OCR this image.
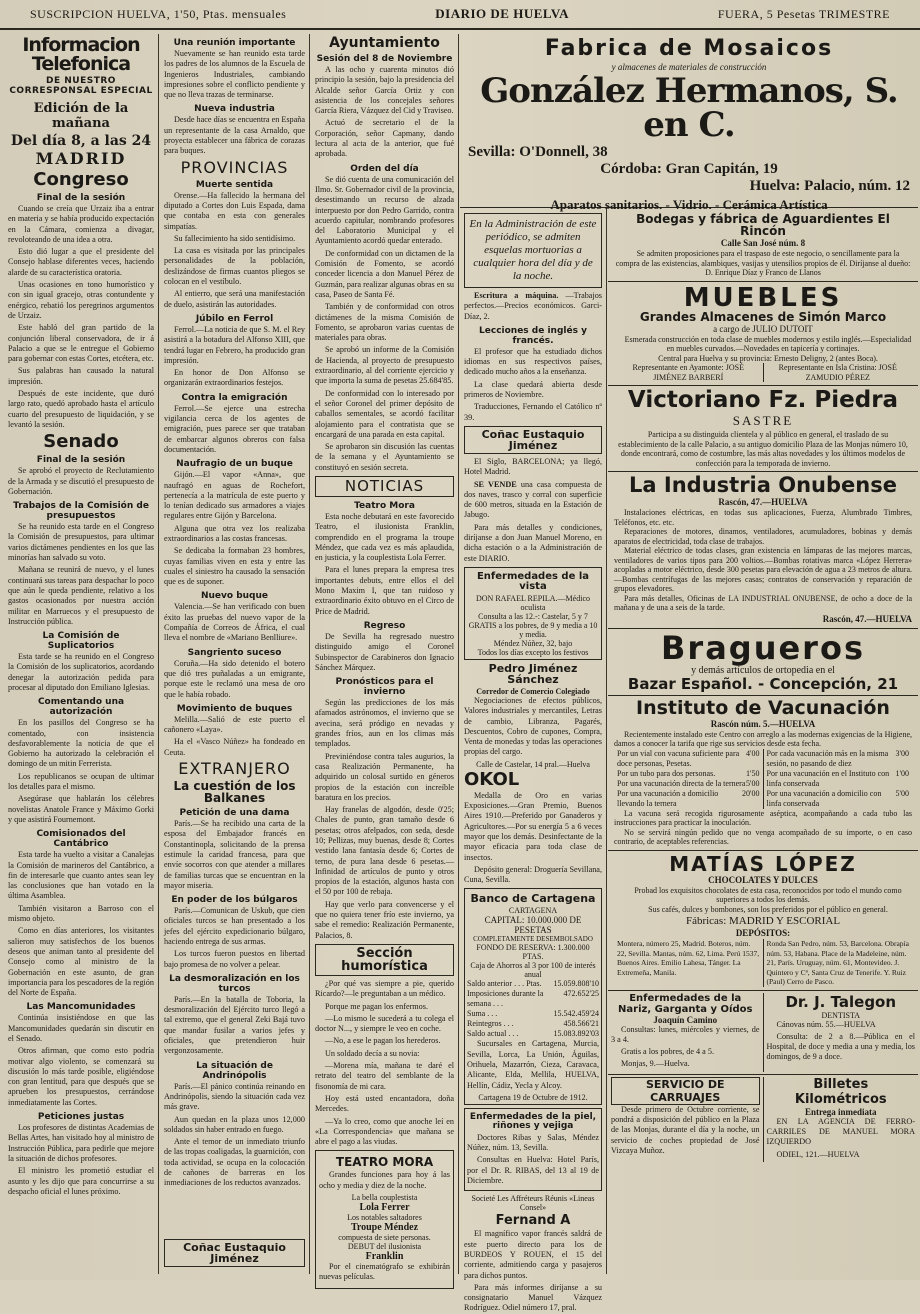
SUSCRIPCION HUELVA, 1'50, Ptas. mensuales	DIARIO DE HUELVA	FUERA, 5 Pesetas TRIMESTRE
Informacion Telefonica
DE NUESTRO CORRESPONSAL ESPECIAL
Edición de la mañana
Del día 8, a las 24
MADRID
Congreso
Final de la sesión

Cuando se creía que Urzaiz iba a entrar en materia y se había producido expectación en la Cámara, comienza a divagar, revoloteando de una idea a otra.

Esto dió lugar a que el presidente del Consejo hablase diferentes veces, haciendo alarde de su característica oratoria.

Unas ocasiones en tono humorístico y con sin igual gracejo, otras contundente y enérgico, rebatió los peregrinos argumentos de Urzaiz.

Este habló del gran partido de la conjunción liberal conservadora, de ir á Palacio a que se le entregue el Gobierno para gobernar con estas Cortes, etcétera, etc.

Sus palabras han causado la natural impresión.

Después de este incidente, que duró largo rato, quedó aprobado hasta el artículo cuarto del presupuesto de liquidación, y se levantó la sesión.

Senado
Final de la sesión

Se aprobó el proyecto de Reclutamiento de la Armada y se discutió el presupuesto de Gobernación.

Trabajos de la Comisión de presupuestos

Se ha reunido esta tarde en el Congreso la Comisión de presupuestos, para ultimar varios dictámenes pendientes en los que las minorías han salvado su voto.

Mañana se reunirá de nuevo, y el lunes continuará sus tareas para despachar lo poco que aún le queda pendiente, relativo a los gastos ocasionados por nuestra acción militar en Marruecos y el presupuesto de Instrucción pública.

La Comisión de Suplicatorios

Esta tarde se ha reunido en el Congreso la Comisión de los suplicatorios, acordando denegar la autorización pedida para procesar al diputado don Emiliano Iglesias.

Comentando una autorización

En los pasillos del Congreso se ha comentado, con insistencia desfavorablemente la noticia de que el Gobierno ha autorizado la celebración el domingo de un mitin Ferrerista.

Los republicanos se ocupan de ultimar los detalles para el mismo.

Asegúrase que hablarán los célebres novelistas Anatole France y Máximo Gorki y que asistirá Fournemont.

Comisionados del Cantábrico

Esta tarde ha vuelto a visitar a Canalejas la Comisión de marineros del Cantábrico, a fin de interesarle que cuanto antes sean ley las conclusiones que han votado en la última Asamblea.

También visitaron a Barroso con el mismo objeto.

Como en días anteriores, los visitantes salieron muy satisfechos de los buenos deseos que animan tanto al presidente del Consejo como al ministro de la Gobernación en este asunto, de gran importancia para los pescadores de la región del Norte de España.

Las Mancomunidades

Continúa insistiéndose en que las Mancomunidades quedarán sin discutir en el Senado.

Otros afirman, que como esto podría motivar algo violento, se comenzará su discusión lo más tarde posible, eligiéndose con gran lentitud, para que después que se aprueben los presupuestos, cerrándose inmediatamente las Cortes.

Peticiones justas

Los profesores de distintas Academias de Bellas Artes, han visitado hoy al ministro de Instrucción Pública, para pedirle que mejore la situación de dichos profesores.

El ministro les prometió estudiar el asunto y les dijo que para concurrirse a su despacho oficial el lunes próximo.

Una reunión importante

Nuevamente se han reunido esta tarde los padres de los alumnos de la Escuela de Ingenieros Industriales, cambiando impresiones sobre el conflicto pendiente y que no lleva trazas de terminarse.

Nueva industria

Desde hace días se encuentra en España un representante de la casa Arnaldo, que proyecta establecer una fábrica de corazas para buques.

PROVINCIAS
Muerte sentida

Orense.—Ha fallecido la hermana del diputado a Cortes don Luis Espada, dama que contaba en esta con generales simpatías.

Su fallecimiento ha sido sentidísimo.

La casa es visitada por las principales personalidades de la población, deslizándose de firmas cuantos pliegos se colocan en el vestíbulo.

Al entierro, que será una manifestación de duelo, asistirán las autoridades.

Júbilo en Ferrol

Ferrol.—La noticia de que S. M. el Rey asistirá a la botadura del Alfonso XIII, que tendrá lugar en Febrero, ha producido gran impresión.

En honor de Don Alfonso se organizarán extraordinarios festejos.

Contra la emigración

Ferrol.—Se ejerce una estrecha vigilancia cerca de los agentes de emigración, pues parece ser que trataban de embarcar algunos obreros con falsa documentación.

Naufragio de un buque

Gijón.—El vapor «Anna», que naufragó en aguas de Rochefort, pertenecía a la matrícula de este puerto y lo tenían dedicado sus armadores a viajes regulares entre Gijón y Barcelona.

Alguna que otra vez los realizaba extraordinarios a las costas francesas.

Se dedicaba la formaban 23 hombres, cuyas familias viven en esta y entre las cuales el siniestro ha causado la sensación que es de suponer.

Nuevo buque

Valencia.—Se han verificado con buen éxito las pruebas del nuevo vapor de la Compañía de Correos de África, el cual lleva el nombre de «Mariano Benlliure».

Sangriento suceso

Coruña.—Ha sido detenido el botero que dió tres puñaladas a un emigrante, porque este le reclamó una mesa de oro que le había robado.

Movimiento de buques

Melilla.—Salió de este puerto el cañonero «Laya».

Ha el «Vasco Núñez» ha fondeado en Ceuta.

EXTRANJERO
La cuestión de los Balkanes
Petición de una dama

París.—Se ha recibido una carta de la esposa del Embajador francés en Constantinopla, solicitando de la prensa estimule la caridad francesa, para que envíe socorros con que atender a millares de familias turcas que se encuentran en la mayor miseria.

En poder de los búlgaros

París.—Comunican de Uskub, que cien oficiales turcos se han presentado a los jefes del ejército expedicionario búlgaro, haciendo entrega de sus armas.

Los turcos fueron puestos en libertad bajo promesa de no volver a pelear.

La desmoralización en los turcos

París.—En la batalla de Toboria, la desmoralización del Ejército turco llegó a tal extremo, que el general Zeki Bajá tuvo que mandar fusilar a varios jefes y oficiales, que pretendieron huir vergonzosamente.

La situación de Andrinópolis

París.—El pánico continúa reinando en Andrinópolis, siendo la situación cada vez más grave.

Aun quedan en la plaza unos 12,000 soldados sin haber entrado en fuego.

Ante el temor de un inmediato triunfo de las tropas coaligadas, la guarnición, con toda actividad, se ocupa en la colocación de cañones de barreras en los inmediaciones de los reductos avanzados.

Coñac Eustaquio Jiménez
Ayuntamiento
Sesión del 8 de Noviembre

A las ocho y cuarenta minutos dió principio la sesión, bajo la presidencia del Alcalde señor García Ortiz y con asistencia de los concejales señores García Riera, Vázquez del Cid y Traviseo.

Actuó de secretario el de la Corporación, señor Capmany, dando lectura al acta de la anterior, que fué aprobada.

Orden del día

Se dió cuenta de una comunicación del Ilmo. Sr. Gobernador civil de la provincia, desestimando un recurso de alzada interpuesto por don Pedro Garrido, contra acuerdo capitular, nombrando profesores del Laboratorio Municipal y el Ayuntamiento acordó quedar enterado.

De conformidad con un dictamen de la Comisión de Fomento, se acordó conceder licencia a don Manuel Pérez de Guzmán, para realizar algunas obras en su casa, Paseo de Santa Fé.

También y de conformidad con otros dictámenes de la misma Comisión de Fomento, se aprobaron varias cuentas de materiales para obras.

Se aprobó un informe de la Comisión de Hacienda, al proyecto de presupuesto extraordinario, al del corriente ejercicio y que importa la suma de pesetas 25.684'85.

De conformidad con lo interesado por el señor Coronel del primer depósito de caballos sementales, se acordó facilitar alojamiento para el contratista que se encargará de una parada en esta capital.

Se aprobaron sin discusión las cuentas de la semana y el Ayuntamiento se constituyó en sesión secreta.

NOTICIAS
Teatro Mora

Esta noche debutará en este favorecido Teatro, el ilusionista Franklin, comprendido en el programa la troupe Méndez, que cada vez es más aplaudida, en justicia, y la couplestista Lola Ferrer.

Para el lunes prepara la empresa tres importantes debuts, entre ellos el del Mono Maxim I, que tan ruidoso y extraordinario éxito obtuvo en el Circo de Price de Madrid.

Regreso

De Sevilla ha regresado nuestro distinguido amigo el Coronel Subinspector de Carabineros don Ignacio Sánchez Márquez.

Pronósticos para el invierno

Según las predicciones de los más afamados astrónomos, el invierno que se avecina, será pródigo en nevadas y grandes fríos, aun en los climas más templados.

Previniéndose contra tales augurios, la casa Realización Permanente, ha adquirido un colosal surtido en géneros propios de la estación con increíble baratura en los precios.

Hay franelas de algodón, desde 0'25; Chales de punto, gran tamaño desde 6 pesetas; otros afelpados, con seda, desde 10; Pellizas, muy buenas, desde 8; Cortes vestido lana fantasía desde 6; Cortes de terno, de pura lana desde 6 pesetas.—Infinidad de artículos de punto y otros propios de la estación, algunos hasta con el 50 por 100 de rebaja.

Hay que verlo para convencerse y el que no quiera tener frío este invierno, ya sabe el remedio: Realización Permanente, Palacios, 8.

Sección humorística

¿Por qué vas siempre a pie, querido Ricardo?—le preguntaban a un médico.

Porque me pagan los enfermos.

—Lo mismo le sucederá a tu colega el doctor N..., y siempre le veo en coche.

—No, a ese le pagan los herederos.

Un soldado decía a su novia:

—Morena mía, mañana te daré el retrato del teatro del semblante de la fisonomía de mi cara.

Hoy está usted encantadora, doña Mercedes.

—Ya lo creo, como que anoche leí en «La Correspondencia» que mañana se abre el pago a las viudas.

TEATRO MORA

Grandes funciones para hoy á las ocho y media y diez de la noche.

La bella couplestista
Lola Ferrer
Los notables saltadores
Troupe Méndez
compuesta de siete personas.
DEBUT del ilusionista
Franklin

Por el cinematógrafo se exhibirán nuevas películas.

Fabrica de Mosaicos
y almacenes de materiales de construcción
González Hermanos, S. en C.
Sevilla: O'Donnell, 38
Córdoba: Gran Capitán, 19
Huelva: Palacio, núm. 12
Aparatos sanitarios. - Vidrio. - Cerámica Artística
En la Administración de este periódico, se admiten esquelas mortuorias a cualquier hora del día y de la noche.

Escritura a máquina. —Trabajos perfectos.—Precios económicos. Garci-Díaz, 2.

Lecciones de inglés y francés.

El profesor que ha estudiado dichos idiomas en sus respectivos países, dedicado mucho años a la enseñanza.

La clase quedará abierta desde primeros de Noviembre.

Traducciones, Fernando el Católico nº 39.

Coñac Eustaquio Jiménez

El Siglo, BARCELONA; ya llegó, Hotel Madrid.

SE VENDE una casa compuesta de dos naves, trasco y corral con superficie de 600 metros, situada en la Estación de Jabugo.

Para más detalles y condiciones, diríjanse a don Juan Manuel Moreno, en dicha estación o a la Administración de este DIARIO.

Enfermedades de la vista
DON RAFAEL REPILA.—Médico oculista
Consulta a las 12.-: Castelar, 5 y 7
GRATIS a los pobres, de 9 y media a 10 y media.
Méndez Núñez, 32, bajo
Todos los días excepto los festivos
Pedro Jiménez Sánchez
Corredor de Comercio Colegiado

Negociaciones de efectos públicos, Valores industriales y mercantiles, Letras de cambio, Libranza, Pagarés, Descuentos, Cobro de cupones, Compra, Venta de monedas y todas las operaciones propias del cargo.

Calle de Castelar, 14 pral.—Huelva
OKOL

Medalla de Oro en varias Exposiciones.—Gran Premio, Buenos Aires 1910.—Preferido por Ganaderos y Agricultores.—Por su energía 5 a 6 veces mayor que los demás. Desinfectante de la mayor eficacia para toda clase de insectos.

Depósito general: Droguería Sevillana, Cuna, Sevilla.

Banco de Cartagena
CARTAGENA
CAPITAL: 10.000.000 DE PESETAS
COMPLETAMENTE DESEMBOLSADO
FONDO DE RESERVA: 1.300.000 PTAS.
Caja de Ahorros al 3 por 100 de interés anual
Saldo anterior . . . Ptas. 15.059.808'10
Imposiciones durante la semana . . .
472.652'25
Suma . . .	15.542.459'24
Reintegros . . .	458.566'21
Saldo actual . . .	15.083.892'03

Sucursales en Cartagena, Murcia, Sevilla, Lorca, La Unión, Águilas, Orihuela, Mazarrón, Cieza, Caravaca, Alicante, Elda, Mellila, HUELVA, Hellín, Cádiz, Yecla y Alcoy.

Cartagena 19 de Octubre de 1912.
Enfermedades de la piel, riñones y vejiga

Doctores Ribas y Salas, Méndez Núñez, núm. 13, Sevilla.

Consultas en Huelva: Hotel París, por el Dr. R. RIBAS, del 13 al 19 de Diciembre.

Societé Les Affréteurs Réunis «Lineas Consel»
Fernand A

El magnífico vapor francés saldrá de este puerto directo para los de BURDEOS Y ROUEN, el 15 del corriente, admitiendo carga y pasajeros para dichos puntos.

Para más informes diríjanse a su consignatario Manuel Vázquez Rodríguez. Odiel número 17, pral.

Bodegas y fábrica de Aguardientes El Rincón
Calle San José núm. 8

Se admiten proposiciones para el traspaso de este negocio, o sencillamente para la compra de las existencias, alambiques, vasijas y utensilios propios de él. Diríjanse al dueño: D. Enrique Díaz y Franco de Llanos

MUEBLES
Grandes Almacenes de Simón Marco
a cargo de JULIO DUTOIT

Esmerada construcción en toda clase de muebles modernos y estilo inglés.—Especialidad en muebles curvados.—Novedades en tapicería y cortinajes.

Central para Huelva y su provincia: Ernesto Deligny, 2 (antes Boca).

Representante en Ayamonte: JOSÉ JIMÉNEZ BARBERÍ
Representante en Isla Cristina: JOSÉ ZAMUDIO PÉREZ
Victoriano Fz. Piedra
SASTRE

Participa a su distinguida clientela y al público en general, el traslado de su establecimiento de la calle Palacio, a su antiguo domicilio Plaza de las Monjas número 10, donde encontrará, como de costumbre, las más altas novedades y los últimos modelos de confección para la temporada de invierno.

La Industria Onubense
Rascón, 47.—HUELVA

Instalaciones eléctricas, en todas sus aplicaciones, Fuerza, Alumbrado Timbres, Teléfonos, etc. etc.

Reparaciones de motores, dinamos, ventiladores, acumuladores, bobinas y demás aparatos de electricidad, toda clase de trabajos.

Material eléctrico de todas clases, gran existencia en lámparas de las mejores marcas, ventiladores de varios tipos para 200 voltios.—Bombas rotativas marca «López Herrera» acopladas a motor eléctrico, desde 300 pesetas para elevación de agua a 23 metros de altura.—Bombas centrífugas de las mejores casas; contratos de conservación y reparación de grupos elevadores.

Para más detalles, Oficinas de LA INDUSTRIAL ONUBENSE, de ocho a doce de la mañana y de una a seis de la tarde.

Rascón, 47.—HUELVA
Bragueros
y demás artículos de ortopedia en el
Bazar Español. - Concepción, 21
Instituto de Vacunación
Rascón núm. 5.—HUELVA

Recientemente instalado este Centro con arreglo a las modernas exigencias de la Higiene, damos a conocer la tarifa que rige sus servicios desde esta fecha.

Por un vial con vacuna suficiente para doce personas, Pesetas.
4'00
Por un tubo para dos personas.	1'50
Por una vacunación directa de la ternera 5'00
Por una vacunación a domicilio llevando la ternera
20'00
Por cada vacunación más en la misma sesión, no pasando de diez
3'00
Por una vacunación en el Instituto con linfa conservada
1'00
Por una vacunación a domicilio con linfa conservada
5'00

La vacuna será recogida rigurosamente aséptica, acompañando a cada tubo las instrucciones para practicar la inoculación.

No se servirá ningún pedido que no venga acompañado de su importe, o en caso contrario, de aceptables referencias.

MATÍAS LÓPEZ
CHOCOLATES Y DULCES

Probad los exquisitos chocolates de esta casa, reconocidos por todo el mundo como superiores a todos los demás.

Sus cafés, dulces y bombones, son los preferidos por el público en general.

Fábricas: MADRID Y ESCORIAL
DEPÓSITOS:
Montera, número 25, Madrid. Boteros, núm. 22, Sevilla. Mantas, núm. 62, Lima. Perú 1537, Buenos Aires. Emilio Lahesa, Tánger. La Extremeña, Manila.
Ronda San Pedro, núm. 53, Barcelona. Obrapía núm. 53, Habana. Place de la Madeleine, núm. 21, París. Uruguay, núm. 61, Montevideo. J. Quintero y Cª, Santa Cruz de Tenerife. Y. Ruiz (Paul) Cerro de Pasco.
Enfermedades de la Nariz, Garganta y Oídos
Joaquín Camino

Consultas: lunes, miércoles y viernes, de 3 a 4.

Gratis a los pobres, de 4 a 5.

Monjas, 9.—Huelva.

Dr. J. Talegon
DENTISTA

Cánovas núm. 55.—HUELVA

Consulta: de 2 a 8.—Pública en el Hospital, de doce y media a una y media, los domingos, de 9 a doce.

SERVICIO DE CARRUAJES

Desde primero de Octubre corriente, se pondrá a disposición del público en la Plaza de las Monjas, durante el día y la noche, un servicio de coches propiedad de José Vizcaya Muñoz.

Billetes Kilométricos
Entrega inmediata

EN LA AGENCIA DE FERRO-CARRILES DE MANUEL MORA IZQUIERDO

ODIEL, 121.—HUELVA
